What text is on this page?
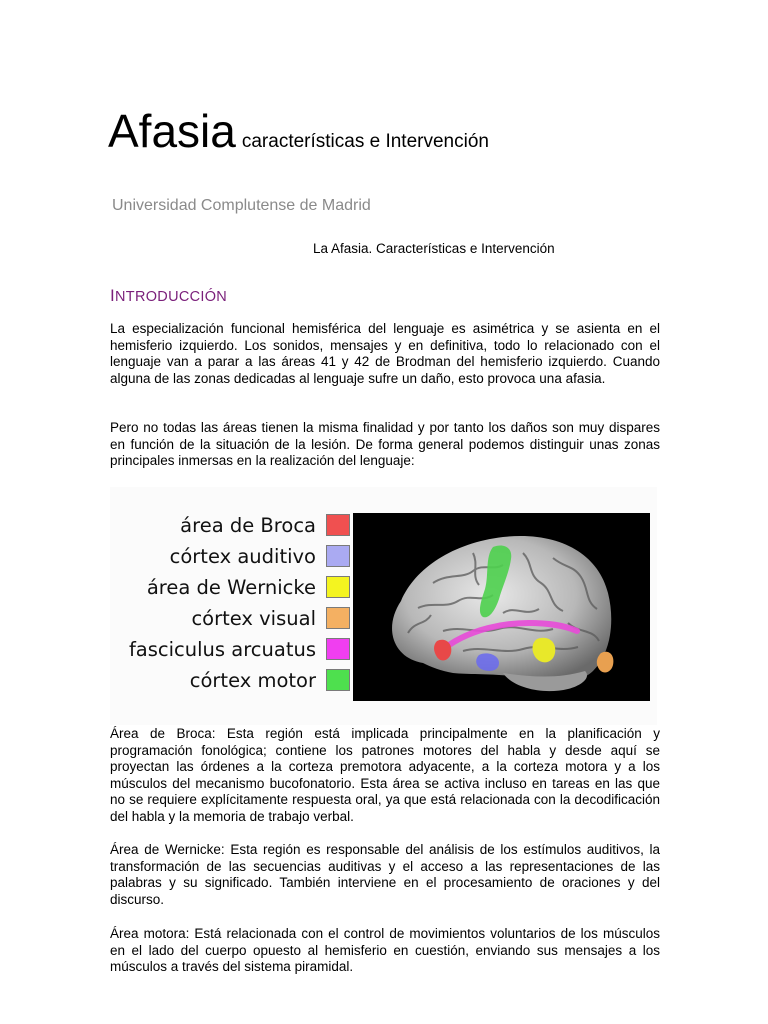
Afasia características e Intervención
Universidad Complutense de Madrid
La Afasia. Características e Intervención
INTRODUCCIÓN

La especialización funcional hemisférica del lenguaje es asimétrica y se asienta en el hemisferio izquierdo. Los sonidos, mensajes y en definitiva, todo lo relacionado con el lenguaje van a parar a las áreas 41 y 42 de Brodman del hemisferio izquierdo. Cuando alguna de las zonas dedicadas al lenguaje sufre un daño, esto provoca una afasia.

Pero no todas las áreas tienen la misma finalidad y por tanto los daños son muy dispares en función de la situación de la lesión. De forma general podemos distinguir unas zonas principales inmersas en la realización del lenguaje:

área de Broca
córtex auditivo
área de Wernicke
córtex visual
fasciculus arcuatus
córtex motor

Área de Broca: Esta región está implicada principalmente en la planificación y programación fonológica; contiene los patrones motores del habla y desde aquí se proyectan las órdenes a la corteza premotora adyacente, a la corteza motora y a los músculos del mecanismo bucofonatorio. Esta área se activa incluso en tareas en las que no se requiere explícitamente respuesta oral, ya que está relacionada con la decodificación del habla y la memoria de trabajo verbal.

Área de Wernicke: Esta región es responsable del análisis de los estímulos auditivos, la transformación de las secuencias auditivas y el acceso a las representaciones de las palabras y su significado. También interviene en el procesamiento de oraciones y del discurso.

Área motora: Está relacionada con el control de movimientos voluntarios de los músculos en el lado del cuerpo opuesto al hemisferio en cuestión, enviando sus mensajes a los músculos a través del sistema piramidal.
